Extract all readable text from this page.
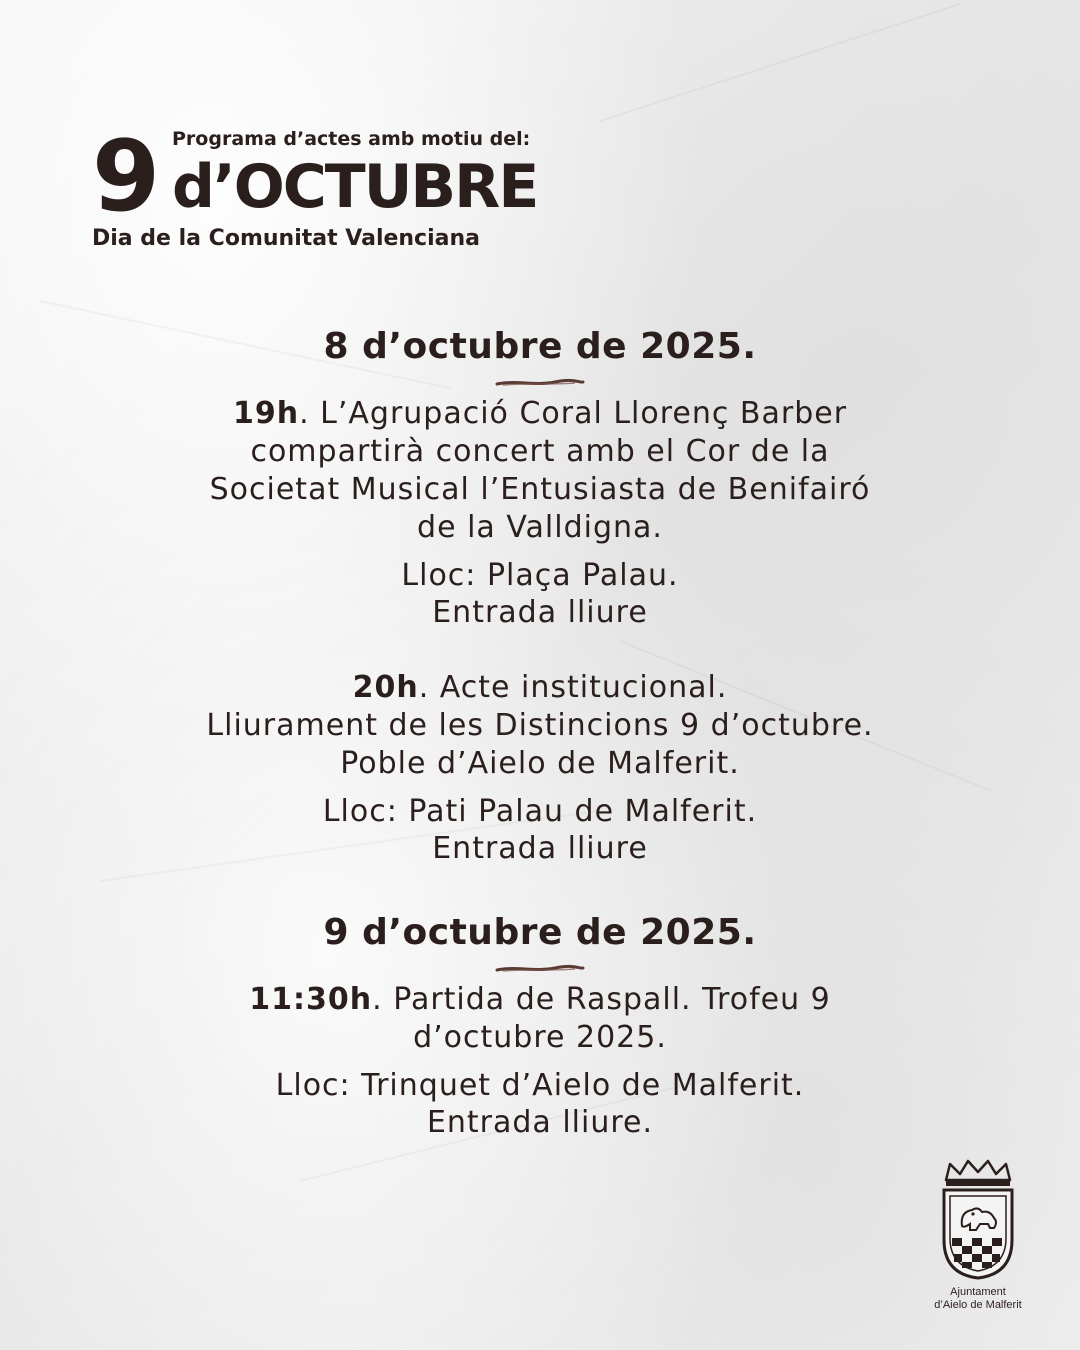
9 Programa d’actes amb motiu del:
d’OCTUBRE
Dia de la Comunitat Valenciana
8 d’octubre de 2025.

19h. L’Agrupació Coral Llorenç Barber
compartirà concert amb el Cor de la
Societat Musical l’Entusiasta de Benifairó
de la Valldigna.

Lloc: Plaça Palau.
Entrada lliure

20h. Acte institucional.
Lliurament de les Distincions 9 d’octubre.
Poble d’Aielo de Malferit.

Lloc: Pati Palau de Malferit.
Entrada lliure

9 d’octubre de 2025.

11:30h. Partida de Raspall. Trofeu 9
d’octubre 2025.

Lloc: Trinquet d’Aielo de Malferit.
Entrada lliure.

Ajuntament
d’Aielo de Malferit
